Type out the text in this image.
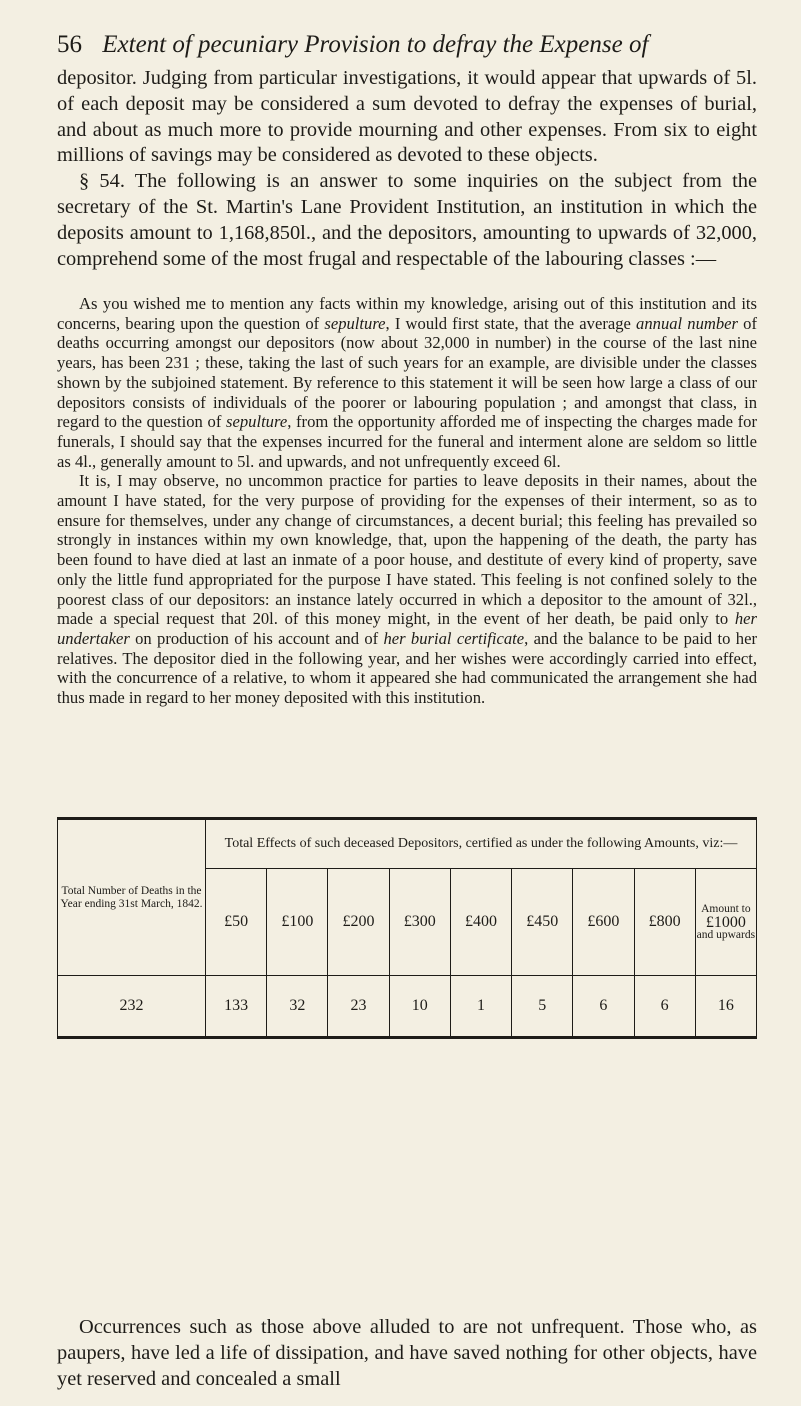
56 Extent of pecuniary Provision to defray the Expense of

depositor. Judging from particular investigations, it would appear that upwards of 5l. of each deposit may be considered a sum devoted to defray the expenses of burial, and about as much more to provide mourning and other expenses. From six to eight millions of savings may be considered as devoted to these objects.

§ 54. The following is an answer to some inquiries on the subject from the secretary of the St. Martin's Lane Provident Institution, an institution in which the deposits amount to 1,168,850l., and the depositors, amounting to upwards of 32,000, comprehend some of the most frugal and respectable of the labouring classes :—

As you wished me to mention any facts within my knowledge, arising out of this institution and its concerns, bearing upon the question of sepulture, I would first state, that the average annual number of deaths occurring amongst our depositors (now about 32,000 in number) in the course of the last nine years, has been 231 ; these, taking the last of such years for an example, are divisible under the classes shown by the subjoined statement. By reference to this statement it will be seen how large a class of our depositors consists of individuals of the poorer or labouring population ; and amongst that class, in regard to the question of sepulture, from the opportunity afforded me of inspecting the charges made for funerals, I should say that the expenses incurred for the funeral and interment alone are seldom so little as 4l., generally amount to 5l. and upwards, and not unfrequently exceed 6l.

It is, I may observe, no uncommon practice for parties to leave deposits in their names, about the amount I have stated, for the very purpose of providing for the expenses of their interment, so as to ensure for themselves, under any change of circumstances, a decent burial; this feeling has prevailed so strongly in instances within my own knowledge, that, upon the happening of the death, the party has been found to have died at last an inmate of a poor house, and destitute of every kind of property, save only the little fund appropriated for the purpose I have stated. This feeling is not confined solely to the poorest class of our depositors: an instance lately occurred in which a depositor to the amount of 32l., made a special request that 20l. of this money might, in the event of her death, be paid only to her undertaker on production of his account and of her burial certificate, and the balance to be paid to her relatives. The depositor died in the following year, and her wishes were accordingly carried into effect, with the concurrence of a relative, to whom it appeared she had communicated the arrangement she had thus made in regard to her money deposited with this institution.

Total Number of Deaths in the Year ending 31st March, 1842.	Total Effects of such deceased Depositors, certified as under the following Amounts, viz:—								
	£50	£100	£200	£300	£400	£450	£600	£800	Amount to
£1000
and upwards

232	133	32	23	10	1	5	6	6	16

Occurrences such as those above alluded to are not unfrequent. Those who, as paupers, have led a life of dissipation, and have saved nothing for other objects, have yet reserved and concealed a small
